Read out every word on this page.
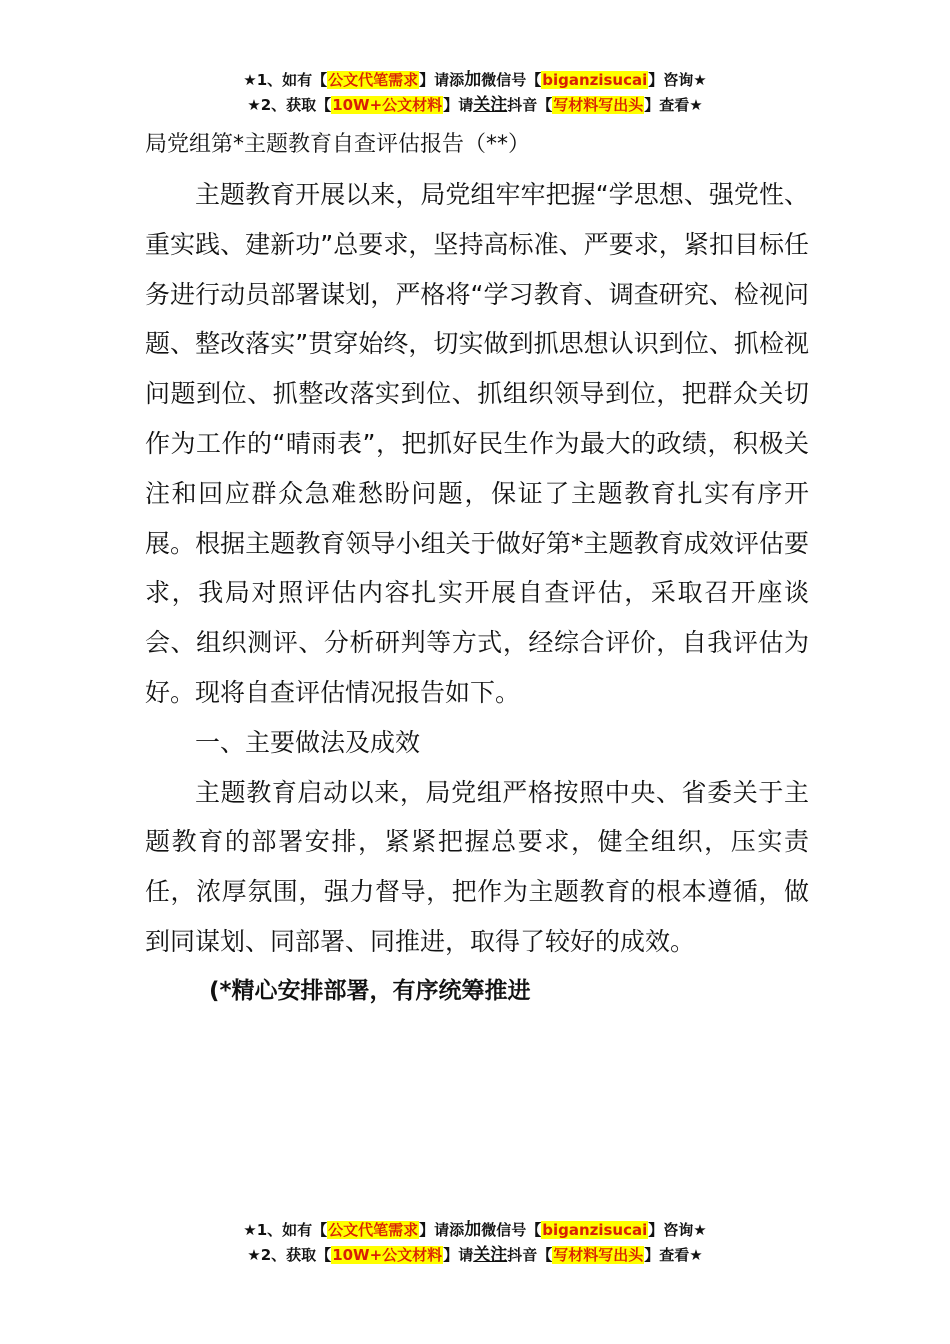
★1、如有【公文代笔需求】请添加微信号【biganzisucai】咨询★
★2、获取【10W+公文材料】请关注抖音【写材料写出头】查看★
局党组第*主题教育自查评估报告（**）

主题教育开展以来，局党组牢牢把握“学思想、强党性、重实践、建新功”总要求，坚持高标准、严要求，紧扣目标任务进行动员部署谋划，严格将“学习教育、调查研究、检视问题、整改落实”贯穿始终，切实做到抓思想认识到位、抓检视问题到位、抓整改落实到位、抓组织领导到位，把群众关切作为工作的“晴雨表”，把抓好民生作为最大的政绩，积极关注和回应群众急难愁盼问题，保证了主题教育扎实有序开展。根据主题教育领导小组关于做好第*主题教育成效评估要求，我局对照评估内容扎实开展自查评估，采取召开座谈会、组织测评、分析研判等方式，经综合评价，自我评估为好。现将自查评估情况报告如下。

一、主要做法及成效

主题教育启动以来，局党组严格按照中央、省委关于主题教育的部署安排，紧紧把握总要求，健全组织，压实责任，浓厚氛围，强力督导，把作为主题教育的根本遵循，做到同谋划、同部署、同推进，取得了较好的成效。

(*精心安排部署，有序统筹推进

★1、如有【公文代笔需求】请添加微信号【biganzisucai】咨询★
★2、获取【10W+公文材料】请关注抖音【写材料写出头】查看★
